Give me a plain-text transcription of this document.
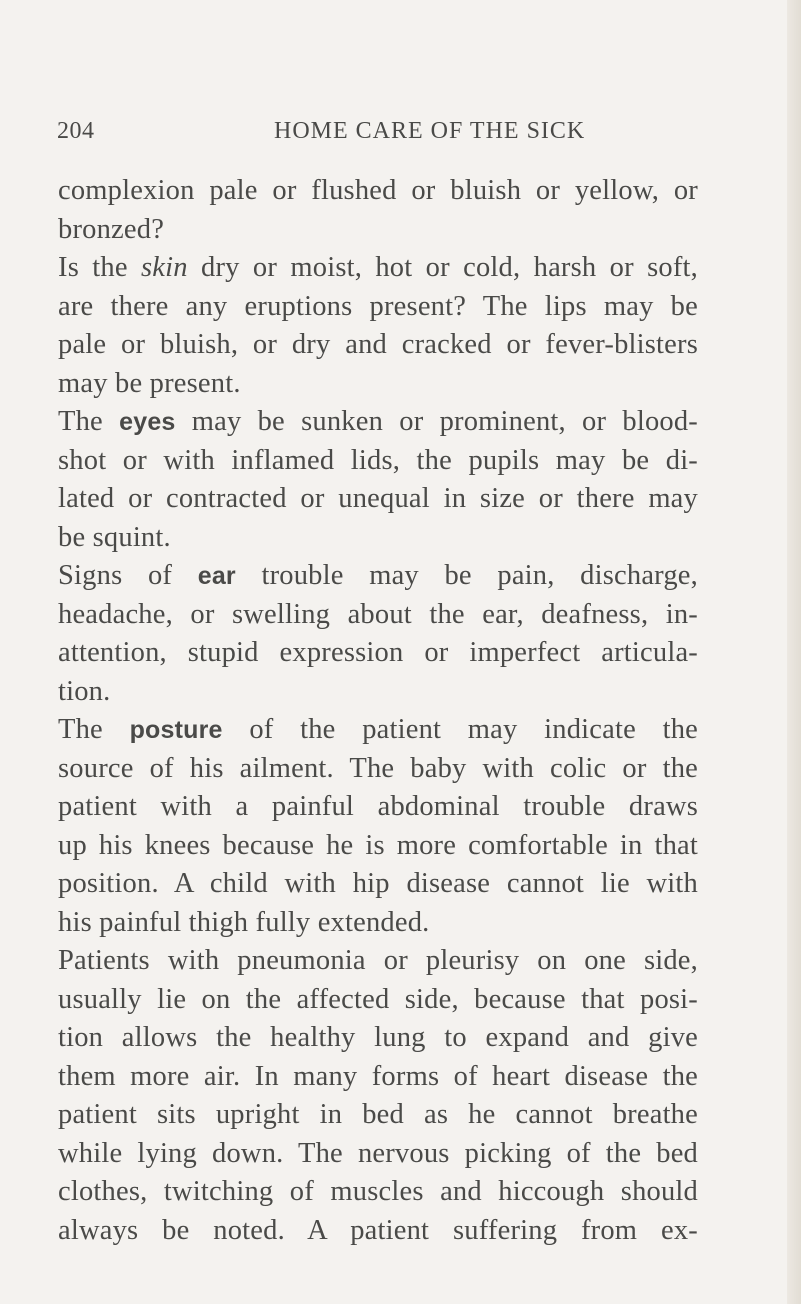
204	HOME CARE OF THE SICK
complexion pale or flushed or bluish or yellow, or
bronzed?
Is the skin dry or moist, hot or cold, harsh or soft,
are there any eruptions present? The lips may be
pale or bluish, or dry and cracked or fever-blisters
may be present.
The eyes may be sunken or prominent, or blood-
shot or with inflamed lids, the pupils may be di-
lated or contracted or unequal in size or there may
be squint.
Signs of ear trouble may be pain, discharge,
headache, or swelling about the ear, deafness, in-
attention, stupid expression or imperfect articula-
tion.
The posture of the patient may indicate the
source of his ailment. The baby with colic or the
patient with a painful abdominal trouble draws
up his knees because he is more comfortable in that
position. A child with hip disease cannot lie with
his painful thigh fully extended.
Patients with pneumonia or pleurisy on one side,
usually lie on the affected side, because that posi-
tion allows the healthy lung to expand and give
them more air. In many forms of heart disease the
patient sits upright in bed as he cannot breathe
while lying down. The nervous picking of the bed
clothes, twitching of muscles and hiccough should
always be noted. A patient suffering from ex-
